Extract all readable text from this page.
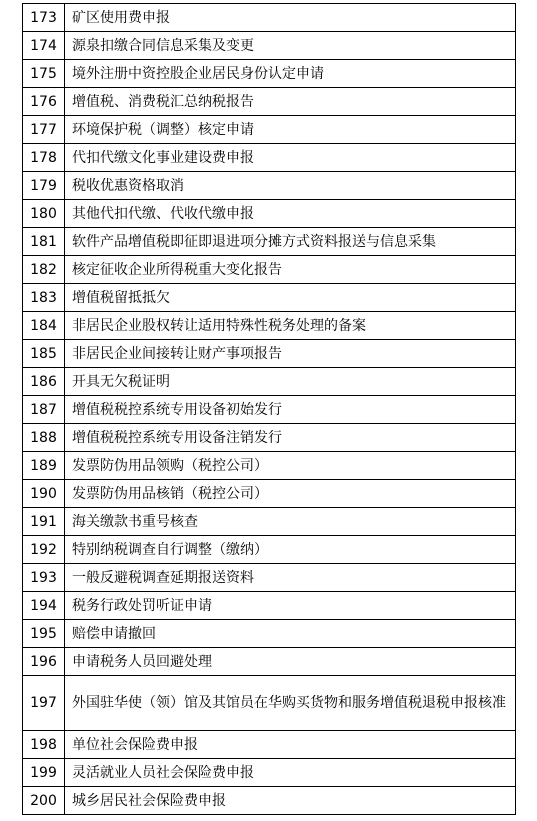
173	矿区使用费申报
174	源泉扣缴合同信息采集及变更
175	境外注册中资控股企业居民身份认定申请
176	增值税、消费税汇总纳税报告
177	环境保护税（调整）核定申请
178	代扣代缴文化事业建设费申报
179	税收优惠资格取消
180	其他代扣代缴、代收代缴申报
181	软件产品增值税即征即退进项分摊方式资料报送与信息采集
182	核定征收企业所得税重大变化报告
183	增值税留抵抵欠
184	非居民企业股权转让适用特殊性税务处理的备案
185	非居民企业间接转让财产事项报告
186	开具无欠税证明
187	增值税税控系统专用设备初始发行
188	增值税税控系统专用设备注销发行
189	发票防伪用品领购（税控公司）
190	发票防伪用品核销（税控公司）
191	海关缴款书重号核查
192	特别纳税调查自行调整（缴纳）
193	一般反避税调查延期报送资料
194	税务行政处罚听证申请
195	赔偿申请撤回
196	申请税务人员回避处理
197	外国驻华使（领）馆及其馆员在华购买货物和服务增值税退税申报核准
198	单位社会保险费申报
199	灵活就业人员社会保险费申报
200	城乡居民社会保险费申报
